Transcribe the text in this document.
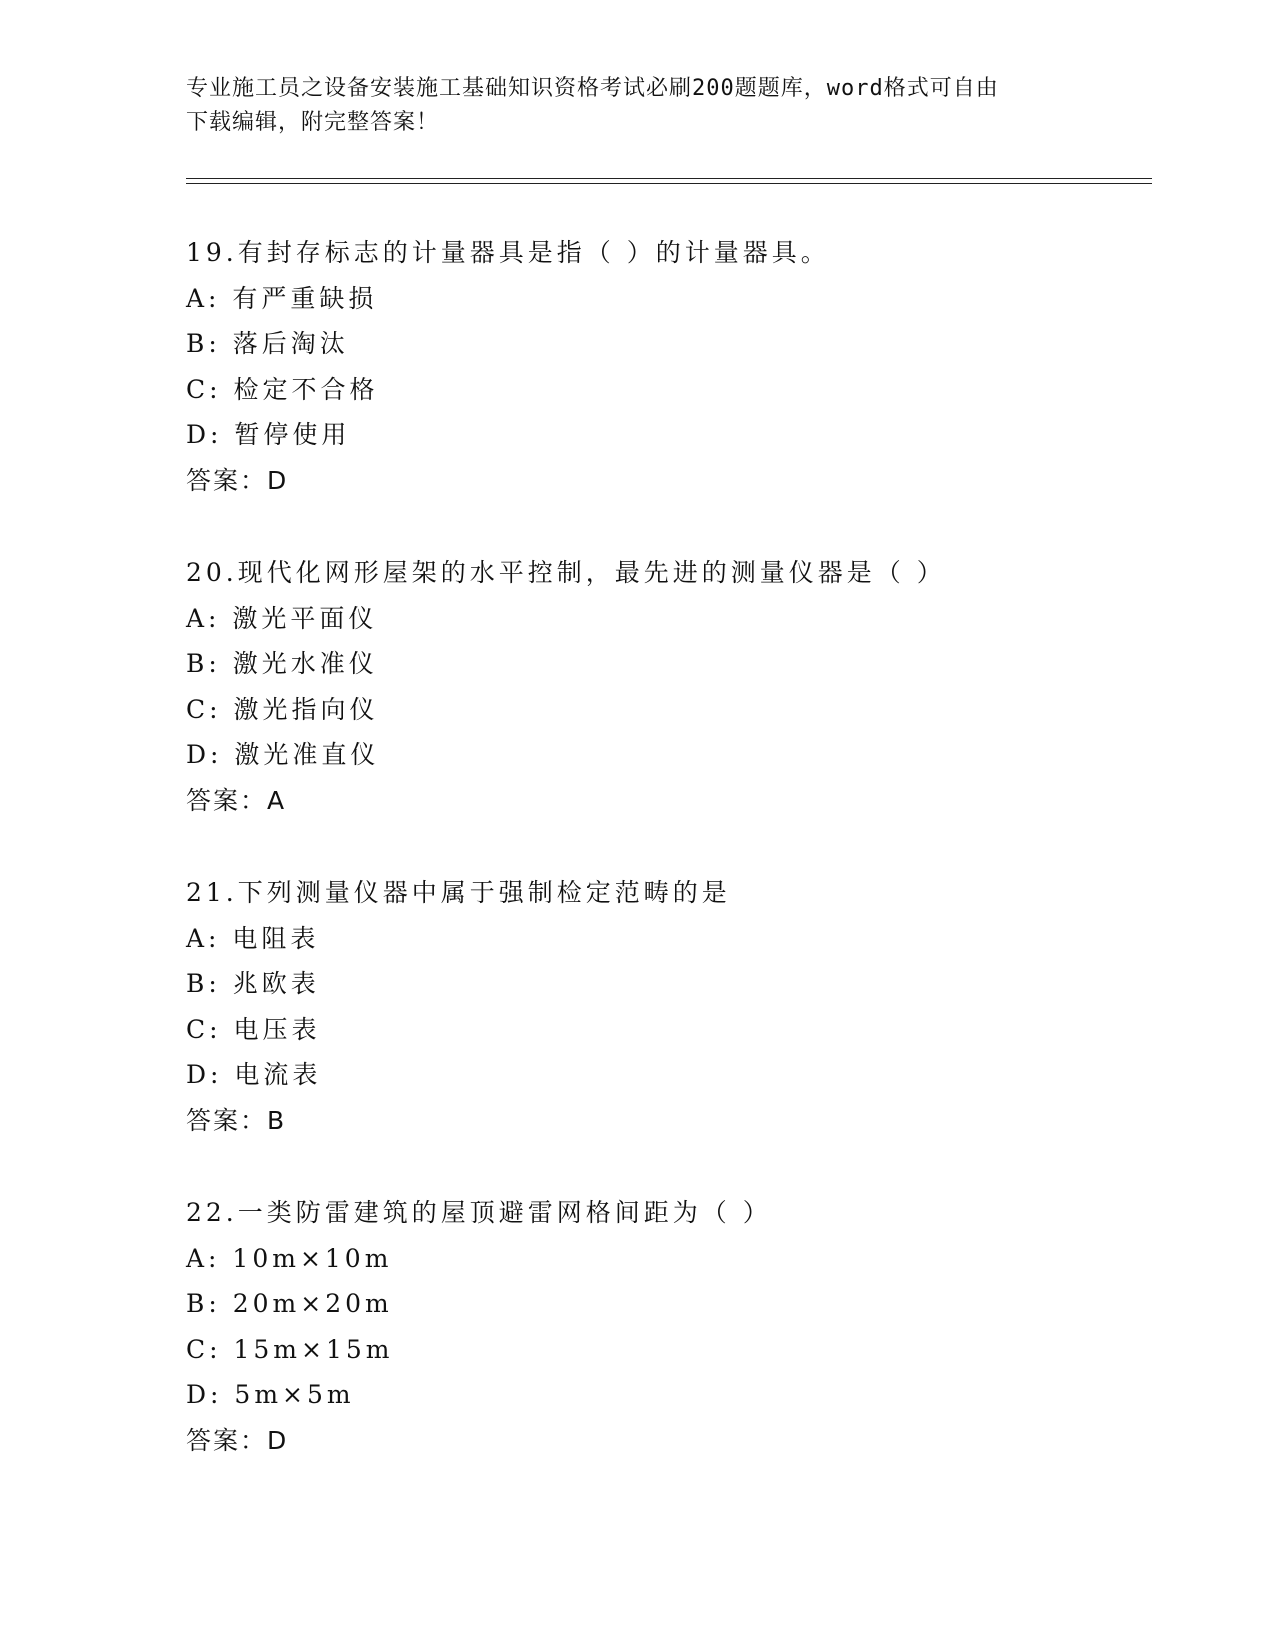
专业施工员之设备安装施工基础知识资格考试必刷200题题库，word格式可自由
下载编辑，附完整答案！
19.有封存标志的计量器具是指（ ）的计量器具。
A: 有严重缺损
B: 落后淘汰
C: 检定不合格
D: 暂停使用
答案：D
20.现代化网形屋架的水平控制，最先进的测量仪器是（ ）
A: 激光平面仪
B: 激光水准仪
C: 激光指向仪
D: 激光准直仪
答案：A
21.下列测量仪器中属于强制检定范畴的是
A: 电阻表
B: 兆欧表
C: 电压表
D: 电流表
答案：B
22.一类防雷建筑的屋顶避雷网格间距为（ ）
A: 10m×10m
B: 20m×20m
C: 15m×15m
D: 5m×5m
答案：D
